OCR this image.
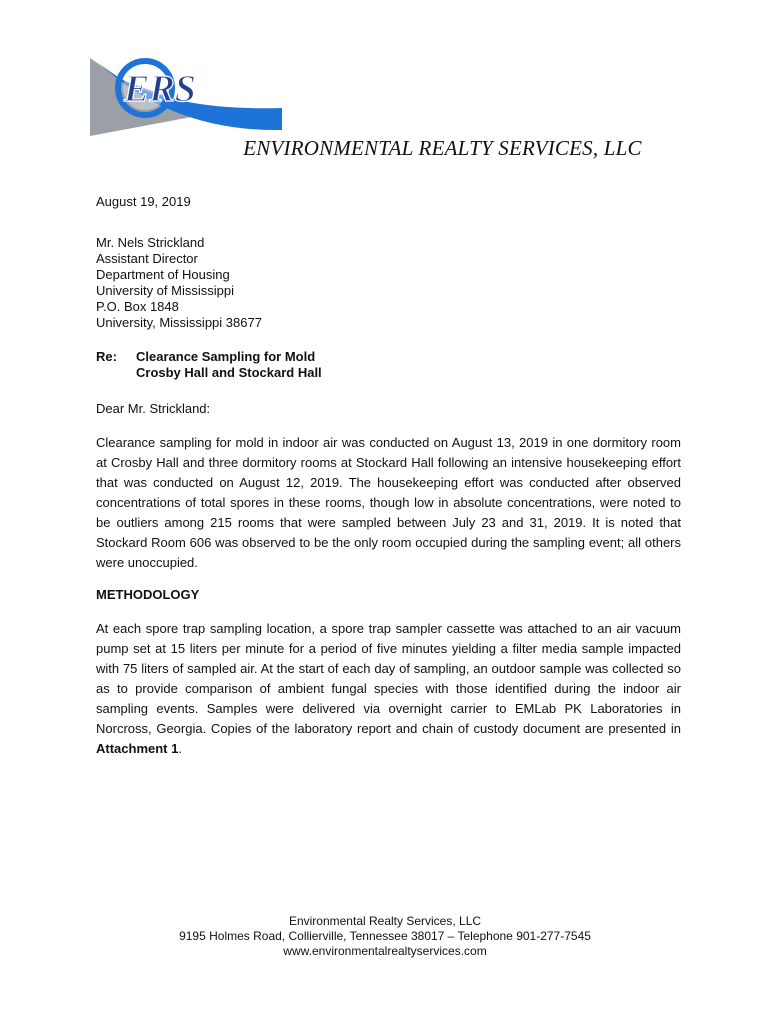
ERS
ENVIRONMENTAL REALTY SERVICES, LLC
August 19, 2019
Mr. Nels Strickland
Assistant Director
Department of Housing
University of Mississippi
P.O. Box 1848
University, Mississippi 38677
Re:	Clearance Sampling for Mold
Crosby Hall and Stockard Hall
Dear Mr. Strickland:
Clearance sampling for mold in indoor air was conducted on August 13, 2019 in one dormitory room at Crosby Hall and three dormitory rooms at Stockard Hall following an intensive housekeeping effort that was conducted on August 12, 2019. The housekeeping effort was conducted after observed concentrations of total spores in these rooms, though low in absolute concentrations, were noted to be outliers among 215 rooms that were sampled between July 23 and 31, 2019. It is noted that Stockard Room 606 was observed to be the only room occupied during the sampling event; all others were unoccupied.
METHODOLOGY
At each spore trap sampling location, a spore trap sampler cassette was attached to an air vacuum pump set at 15 liters per minute for a period of five minutes yielding a filter media sample impacted with 75 liters of sampled air. At the start of each day of sampling, an outdoor sample was collected so as to provide comparison of ambient fungal species with those identified during the indoor air sampling events. Samples were delivered via overnight carrier to EMLab PK Laboratories in Norcross, Georgia. Copies of the laboratory report and chain of custody document are presented in Attachment 1.
Environmental Realty Services, LLC
9195 Holmes Road, Collierville, Tennessee 38017 – Telephone 901-277-7545
www.environmentalrealtyservices.com
